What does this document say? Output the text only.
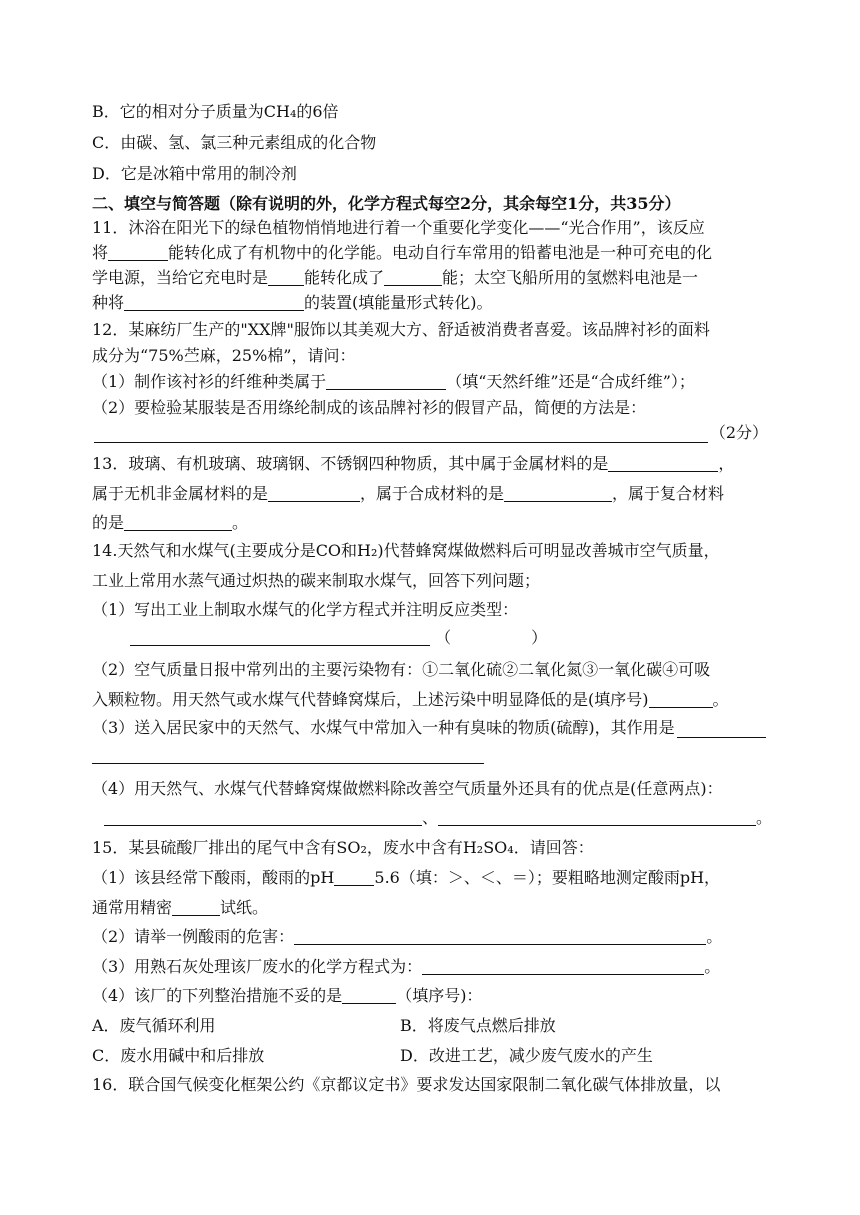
B．它的相对分子质量为CH₄的6倍
C．由碳、氢、氯三种元素组成的化合物
D．它是冰箱中常用的制冷剂
二、填空与简答题（除有说明的外，化学方程式每空2分，其余每空1分，共35分）
11．沐浴在阳光下的绿色植物悄悄地进行着一个重要化学变化——“光合作用”，该反应
将	能转化成了有机物中的化学能。电动自行车常用的铅蓄电池是一种可充电的化
学电源，当给它充电时是 能转化成了	能；太空飞船所用的氢燃料电池是一
种将	的装置(填能量形式转化)。
12．某麻纺厂生产的"XX牌"服饰以其美观大方、舒适被消费者喜爱。该品牌衬衫的面料
成分为“75%苎麻，25%棉”，请问：
（1）制作该衬衫的纤维种类属于	（填“天然纤维”还是“合成纤维”）；
（2）要检验某服装是否用绦纶制成的该品牌衬衫的假冒产品，简便的方法是：
（2分）
13．玻璃、有机玻璃、玻璃钢、不锈钢四种物质，其中属于金属材料的是	，
属于无机非金属材料的是	，属于合成材料的是	，属于复合材料
的是	。
14.天然气和水煤气(主要成分是CO和H₂)代替蜂窝煤做燃料后可明显改善城市空气质量，
工业上常用水蒸气通过炽热的碳来制取水煤气，回答下列问题；
（1）写出工业上制取水煤气的化学方程式并注明反应类型：
（	）
（2）空气质量日报中常列出的主要污染物有：①二氧化硫②二氧化氮③一氧化碳④可吸
入颗粒物。用天然气或水煤气代替蜂窝煤后，上述污染中明显降低的是(填序号)	。
（3）送入居民家中的天然气、水煤气中常加入一种有臭味的物质(硫醇)，其作用是
（4）用天然气、水煤气代替蜂窝煤做燃料除改善空气质量外还具有的优点是(任意两点)：
、	。
15．某县硫酸厂排出的尾气中含有SO₂，废水中含有H₂SO₄．请回答：
（1）该县经常下酸雨，酸雨的pH	5.6（填：＞、＜、＝）；要粗略地测定酸雨pH，
通常用精密	试纸。
（2）请举一例酸雨的危害：	。
（3）用熟石灰处理该厂废水的化学方程式为：	。
（4）该厂的下列整治措施不妥的是	（填序号)：
A．废气循环利用	B．将废气点燃后排放
C．废水用碱中和后排放	D．改进工艺，减少废气废水的产生
16．联合国气候变化框架公约《京都议定书》要求发达国家限制二氧化碳气体排放量，以
